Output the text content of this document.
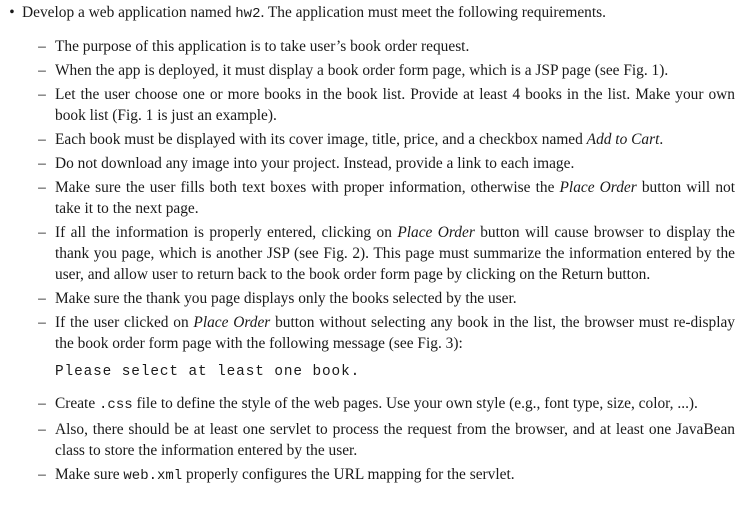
• Develop a web application named hw2. The application must meet the following requirements.
– The purpose of this application is to take user’s book order request.
– When the app is deployed, it must display a book order form page, which is a JSP page (see Fig. 1).
– Let the user choose one or more books in the book list. Provide at least 4 books in the list. Make your own book list (Fig. 1 is just an example).
– Each book must be displayed with its cover image, title, price, and a checkbox named Add to Cart.
– Do not download any image into your project. Instead, provide a link to each image.
– Make sure the user fills both text boxes with proper information, otherwise the Place Order button will not take it to the next page.
– If all the information is properly entered, clicking on Place Order button will cause browser to display the thank you page, which is another JSP (see Fig. 2). This page must summarize the information entered by the user, and allow user to return back to the book order form page by clicking on the Return button.
– Make sure the thank you page displays only the books selected by the user.
– If the user clicked on Place Order button without selecting any book in the list, the browser must re-display the book order form page with the following message (see Fig. 3):
Please select at least one book.
– Create .css file to define the style of the web pages. Use your own style (e.g., font type, size, color, ...).
– Also, there should be at least one servlet to process the request from the browser, and at least one JavaBean class to store the information entered by the user.
– Make sure web.xml properly configures the URL mapping for the servlet.
